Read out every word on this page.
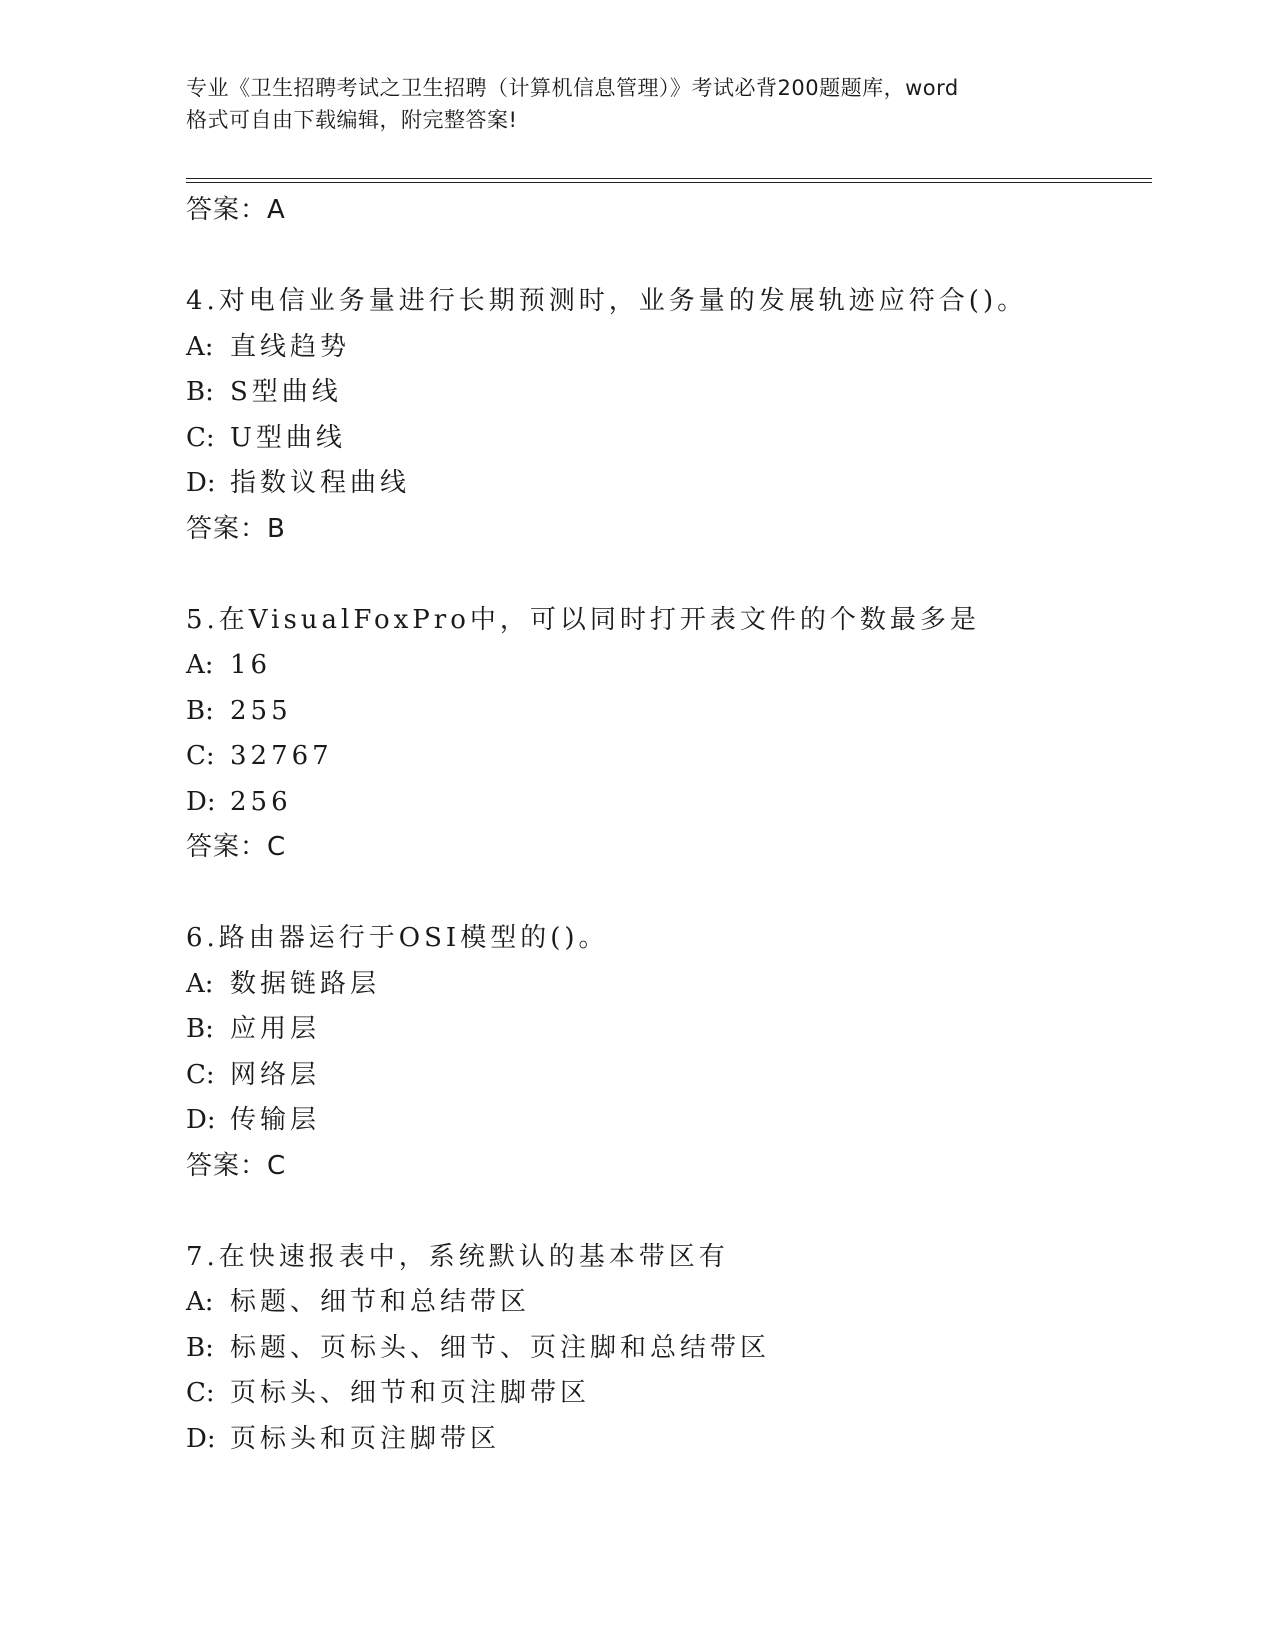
专业《卫生招聘考试之卫生招聘（计算机信息管理）》考试必背200题题库，word
格式可自由下载编辑，附完整答案!
答案：A
4.对电信业务量进行长期预测时，业务量的发展轨迹应符合()。
A: 直线趋势
B: S型曲线
C: U型曲线
D: 指数议程曲线
答案：B
5.在VisualFoxPro中，可以同时打开表文件的个数最多是
A: 16
B: 255
C: 32767
D: 256
答案：C
6.路由器运行于OSI模型的()。
A: 数据链路层
B: 应用层
C: 网络层
D: 传输层
答案：C
7.在快速报表中，系统默认的基本带区有
A: 标题、细节和总结带区
B: 标题、页标头、细节、页注脚和总结带区
C: 页标头、细节和页注脚带区
D: 页标头和页注脚带区
